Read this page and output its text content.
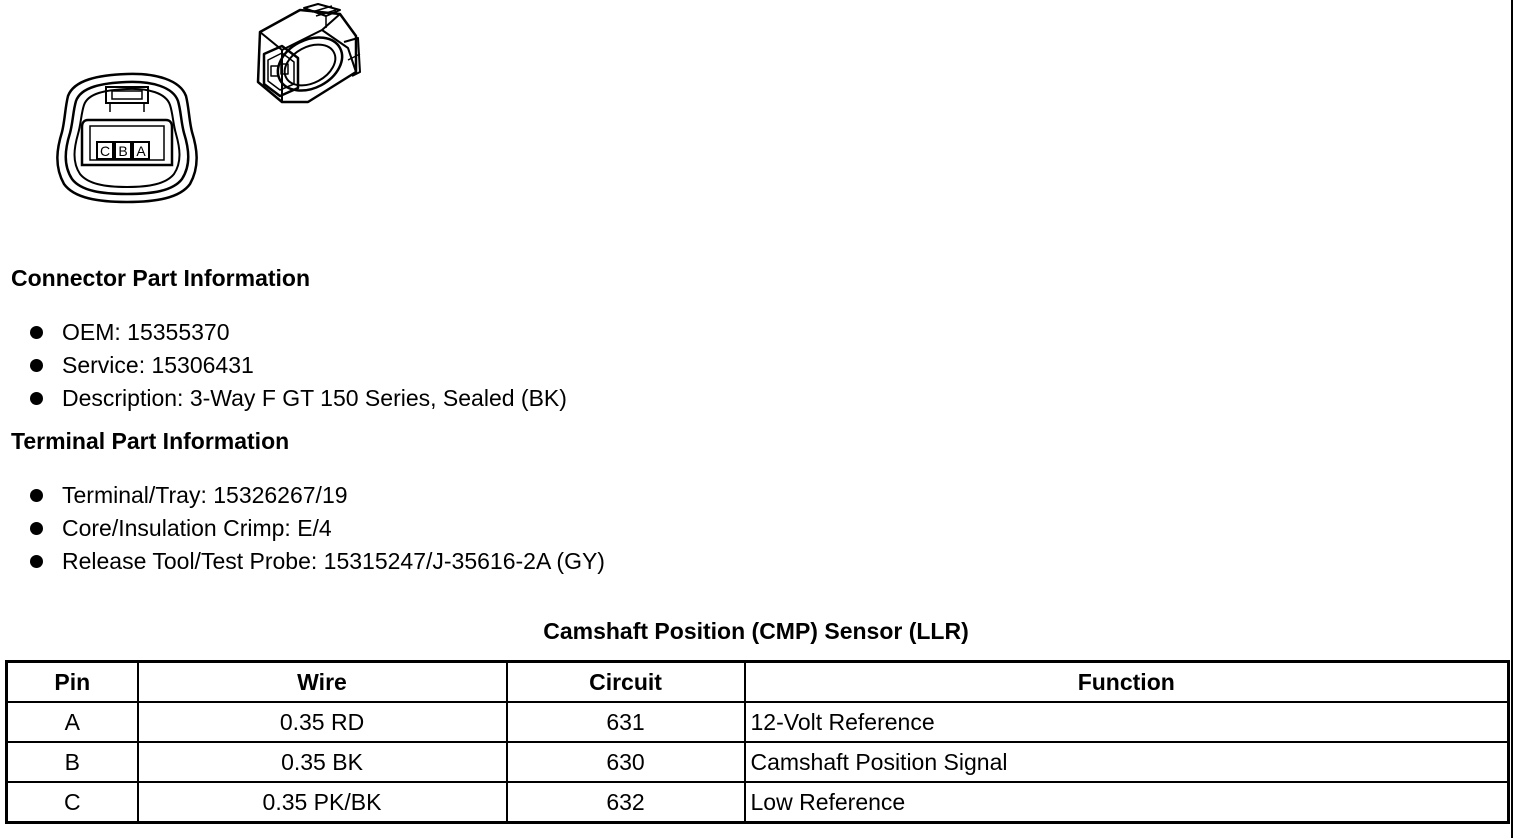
C B A
Connector Part Information
OEM: 15355370
Service: 15306431
Description: 3-Way F GT 150 Series, Sealed (BK)
Terminal Part Information
Terminal/Tray: 15326267/19
Core/Insulation Crimp: E/4
Release Tool/Test Probe: 15315247/J-35616-2A (GY)
Camshaft Position (CMP) Sensor (LLR)
Pin	Wire	Circuit	Function
A	0.35 RD	631	12-Volt Reference
B	0.35 BK	630	Camshaft Position Signal
C	0.35 PK/BK	632	Low Reference
